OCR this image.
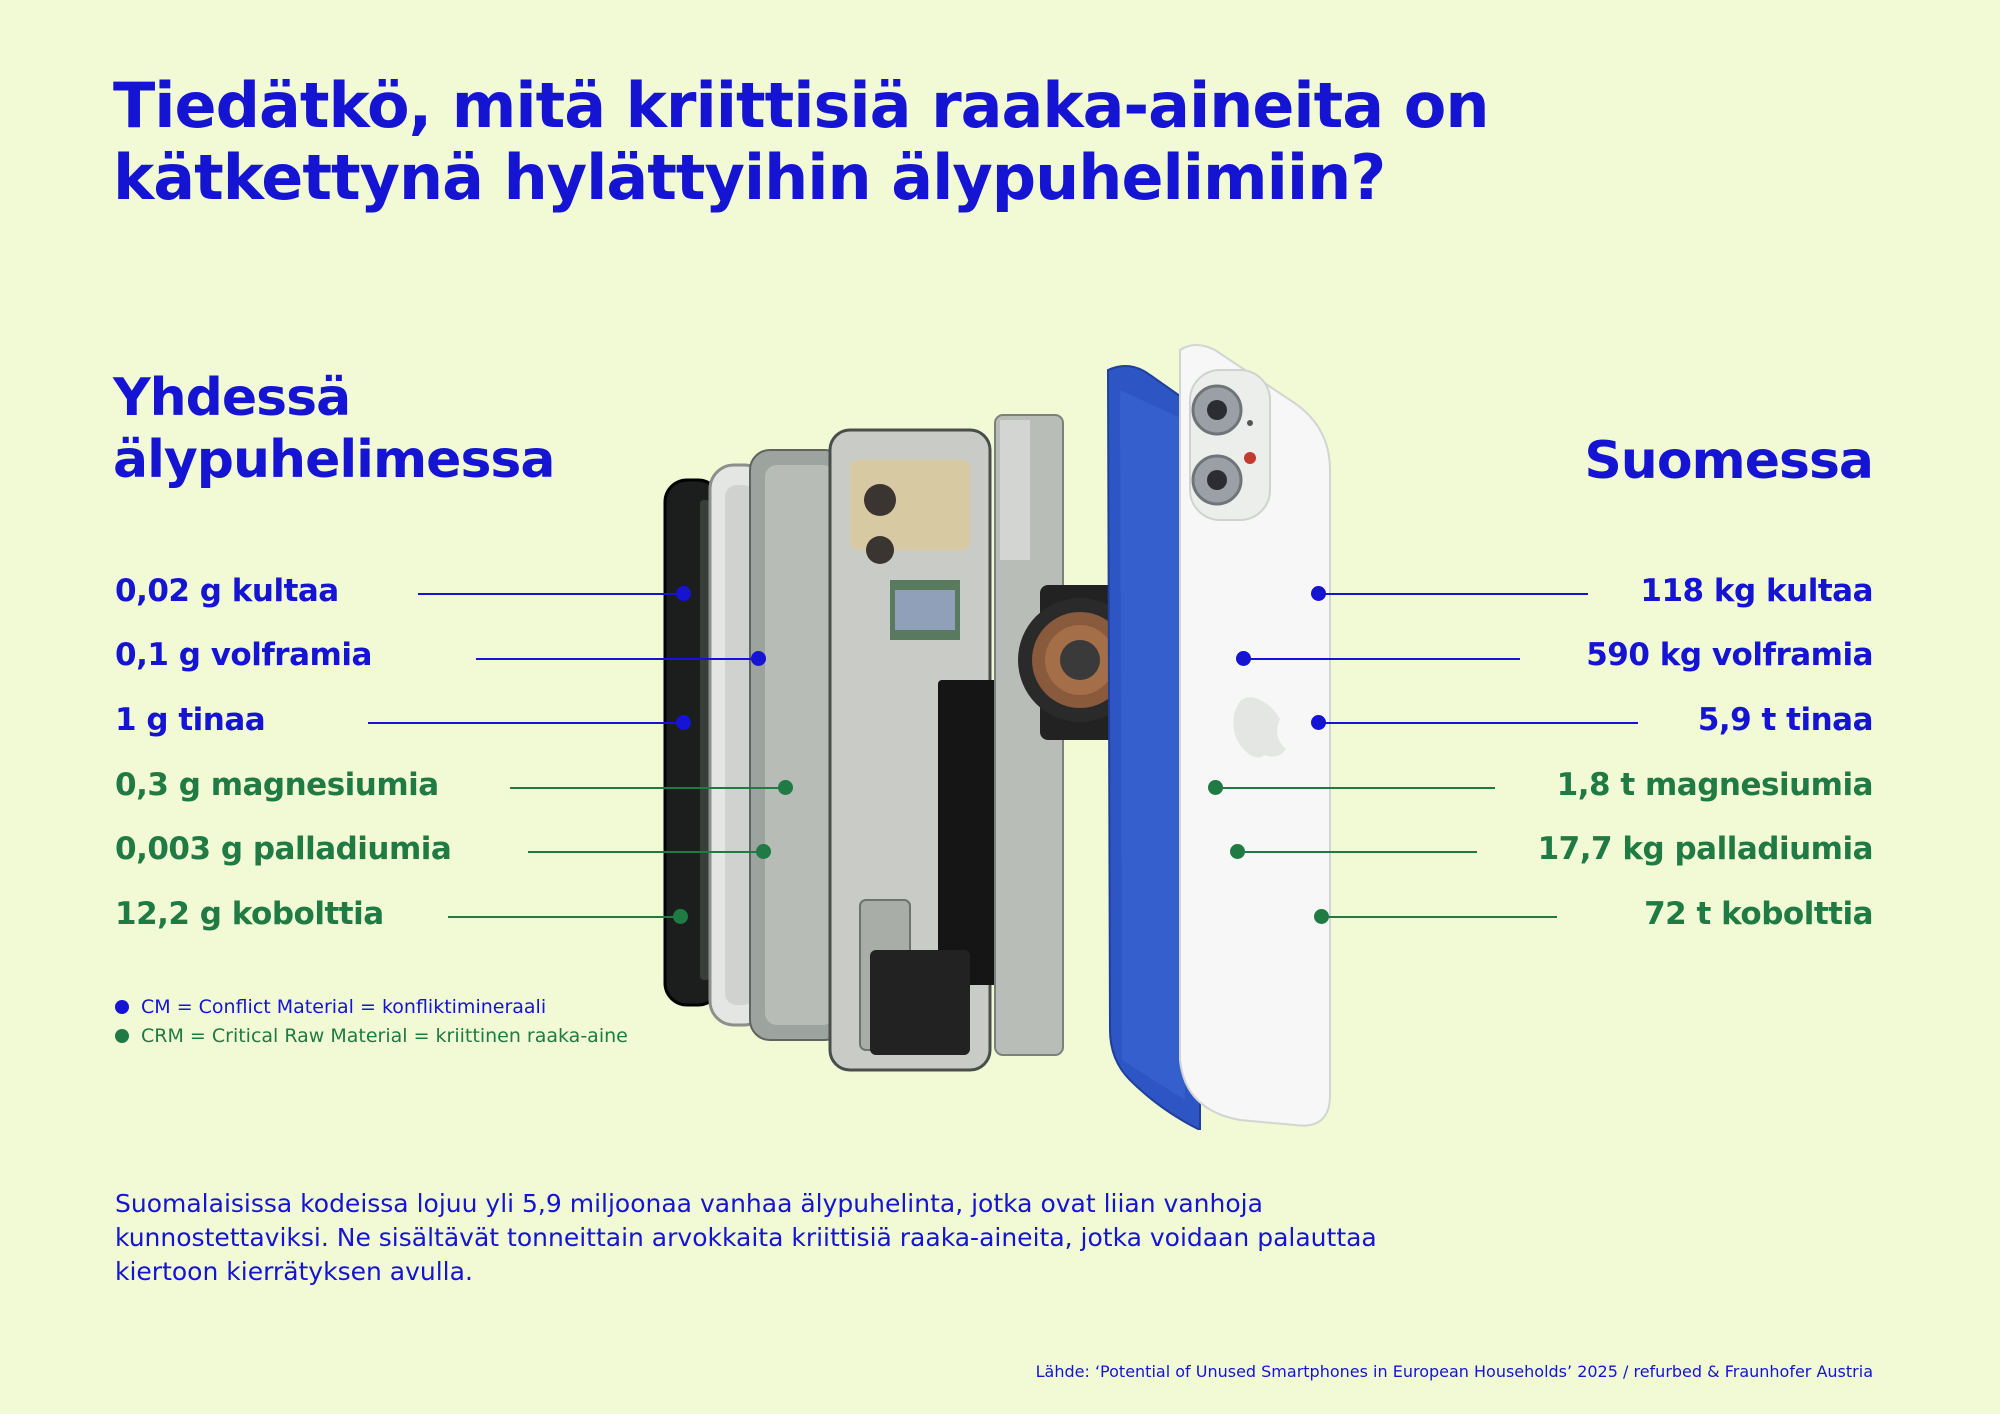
Tiedätkö, mitä kriittisiä raaka-aineita on kätkettynä hylättyihin älypuhelimiin?
Yhdessä älypuhelimessa	Suomessa
0,02 g kultaa
0,1 g volframia
1 g tinaa
0,3 g magnesiumia
0,003 g palladiumia
12,2 g kobolttia
118 kg kultaa
590 kg volframia
5,9 t tinaa
1,8 t magnesiumia
17,7 kg palladiumia
72 t kobolttia
CM = Conflict Material = konfliktimineraali
CRM = Critical Raw Material = kriittinen raaka-aine

Suomalaisissa kodeissa lojuu yli 5,9 miljoonaa vanhaa älypuhelinta, jotka ovat liian vanhoja kunnostettaviksi. Ne sisältävät tonneittain arvokkaita kriittisiä raaka-aineita, jotka voidaan palauttaa kiertoon kierrätyksen avulla.

Lähde: ‘Potential of Unused Smartphones in European Households’ 2025 / refurbed & Fraunhofer Austria
